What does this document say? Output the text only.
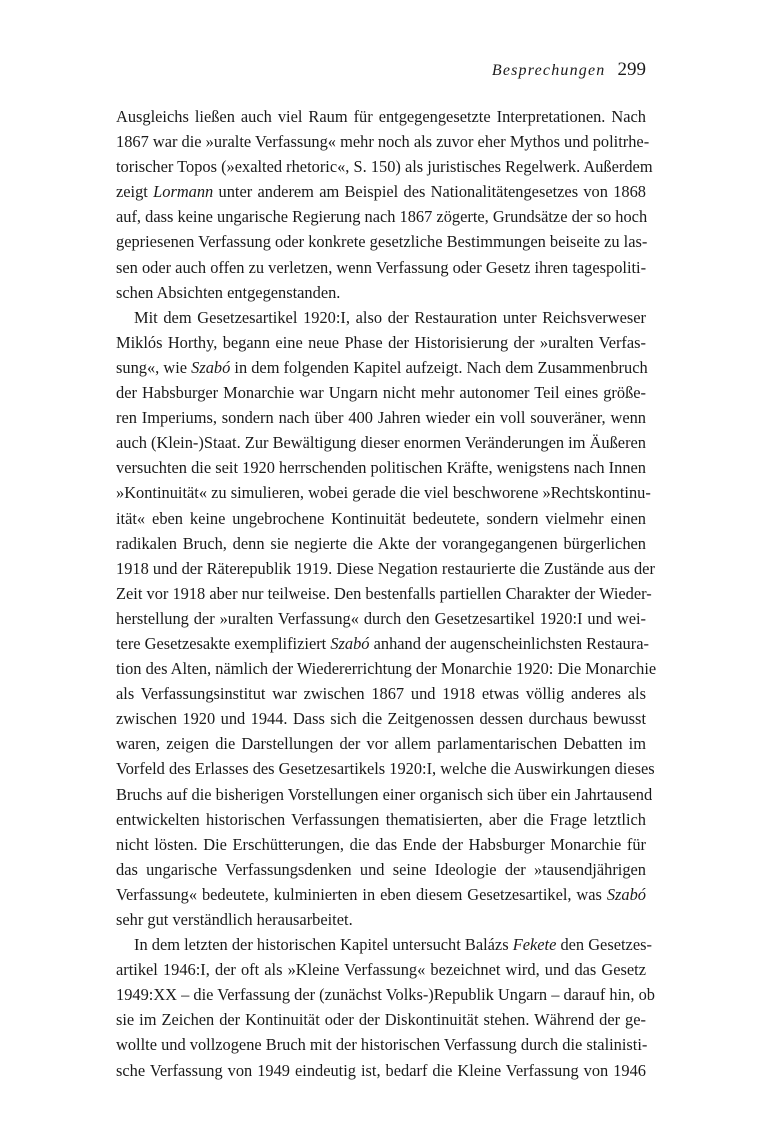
Besprechungen 299
Ausgleichs ließen auch viel Raum für entgegengesetzte Interpretationen. Nach
1867 war die »uralte Verfassung« mehr noch als zuvor eher Mythos und politrhe-
torischer Topos (»exalted rhetoric«, S. 150) als juristisches Regelwerk. Außerdem
zeigt Lormann unter anderem am Beispiel des Nationalitätengesetzes von 1868
auf, dass keine ungarische Regierung nach 1867 zögerte, Grundsätze der so hoch
gepriesenen Verfassung oder konkrete gesetzliche Bestimmungen beiseite zu las-
sen oder auch offen zu verletzen, wenn Verfassung oder Gesetz ihren tagespoliti-
schen Absichten entgegenstanden.
Mit dem Gesetzesartikel 1920:I, also der Restauration unter Reichsverweser
Miklós Horthy, begann eine neue Phase der Historisierung der »uralten Verfas-
sung«, wie Szabó in dem folgenden Kapitel aufzeigt. Nach dem Zusammenbruch
der Habsburger Monarchie war Ungarn nicht mehr autonomer Teil eines größe-
ren Imperiums, sondern nach über 400 Jahren wieder ein voll souveräner, wenn
auch (Klein-)Staat. Zur Bewältigung dieser enormen Veränderungen im Äußeren
versuchten die seit 1920 herrschenden politischen Kräfte, wenigstens nach Innen
»Kontinuität« zu simulieren, wobei gerade die viel beschworene »Rechtskontinu-
ität« eben keine ungebrochene Kontinuität bedeutete, sondern vielmehr einen
radikalen Bruch, denn sie negierte die Akte der vorangegangenen bürgerlichen
1918 und der Räterepublik 1919. Diese Negation restaurierte die Zustände aus der
Zeit vor 1918 aber nur teilweise. Den bestenfalls partiellen Charakter der Wieder-
herstellung der »uralten Verfassung« durch den Gesetzesartikel 1920:I und wei-
tere Gesetzesakte exemplifiziert Szabó anhand der augenscheinlichsten Restaura-
tion des Alten, nämlich der Wiedererrichtung der Monarchie 1920: Die Monarchie
als Verfassungsinstitut war zwischen 1867 und 1918 etwas völlig anderes als
zwischen 1920 und 1944. Dass sich die Zeitgenossen dessen durchaus bewusst
waren, zeigen die Darstellungen der vor allem parlamentarischen Debatten im
Vorfeld des Erlasses des Gesetzesartikels 1920:I, welche die Auswirkungen dieses
Bruchs auf die bisherigen Vorstellungen einer organisch sich über ein Jahrtausend
entwickelten historischen Verfassungen thematisierten, aber die Frage letztlich
nicht lösten. Die Erschütterungen, die das Ende der Habsburger Monarchie für
das ungarische Verfassungsdenken und seine Ideologie der »tausendjährigen
Verfassung« bedeutete, kulminierten in eben diesem Gesetzesartikel, was Szabó
sehr gut verständlich herausarbeitet.
In dem letzten der historischen Kapitel untersucht Balázs Fekete den Gesetzes-
artikel 1946:I, der oft als »Kleine Verfassung« bezeichnet wird, und das Gesetz
1949:XX – die Verfassung der (zunächst Volks-)Republik Ungarn – darauf hin, ob
sie im Zeichen der Kontinuität oder der Diskontinuität stehen. Während der ge-
wollte und vollzogene Bruch mit der historischen Verfassung durch die stalinisti-
sche Verfassung von 1949 eindeutig ist, bedarf die Kleine Verfassung von 1946
